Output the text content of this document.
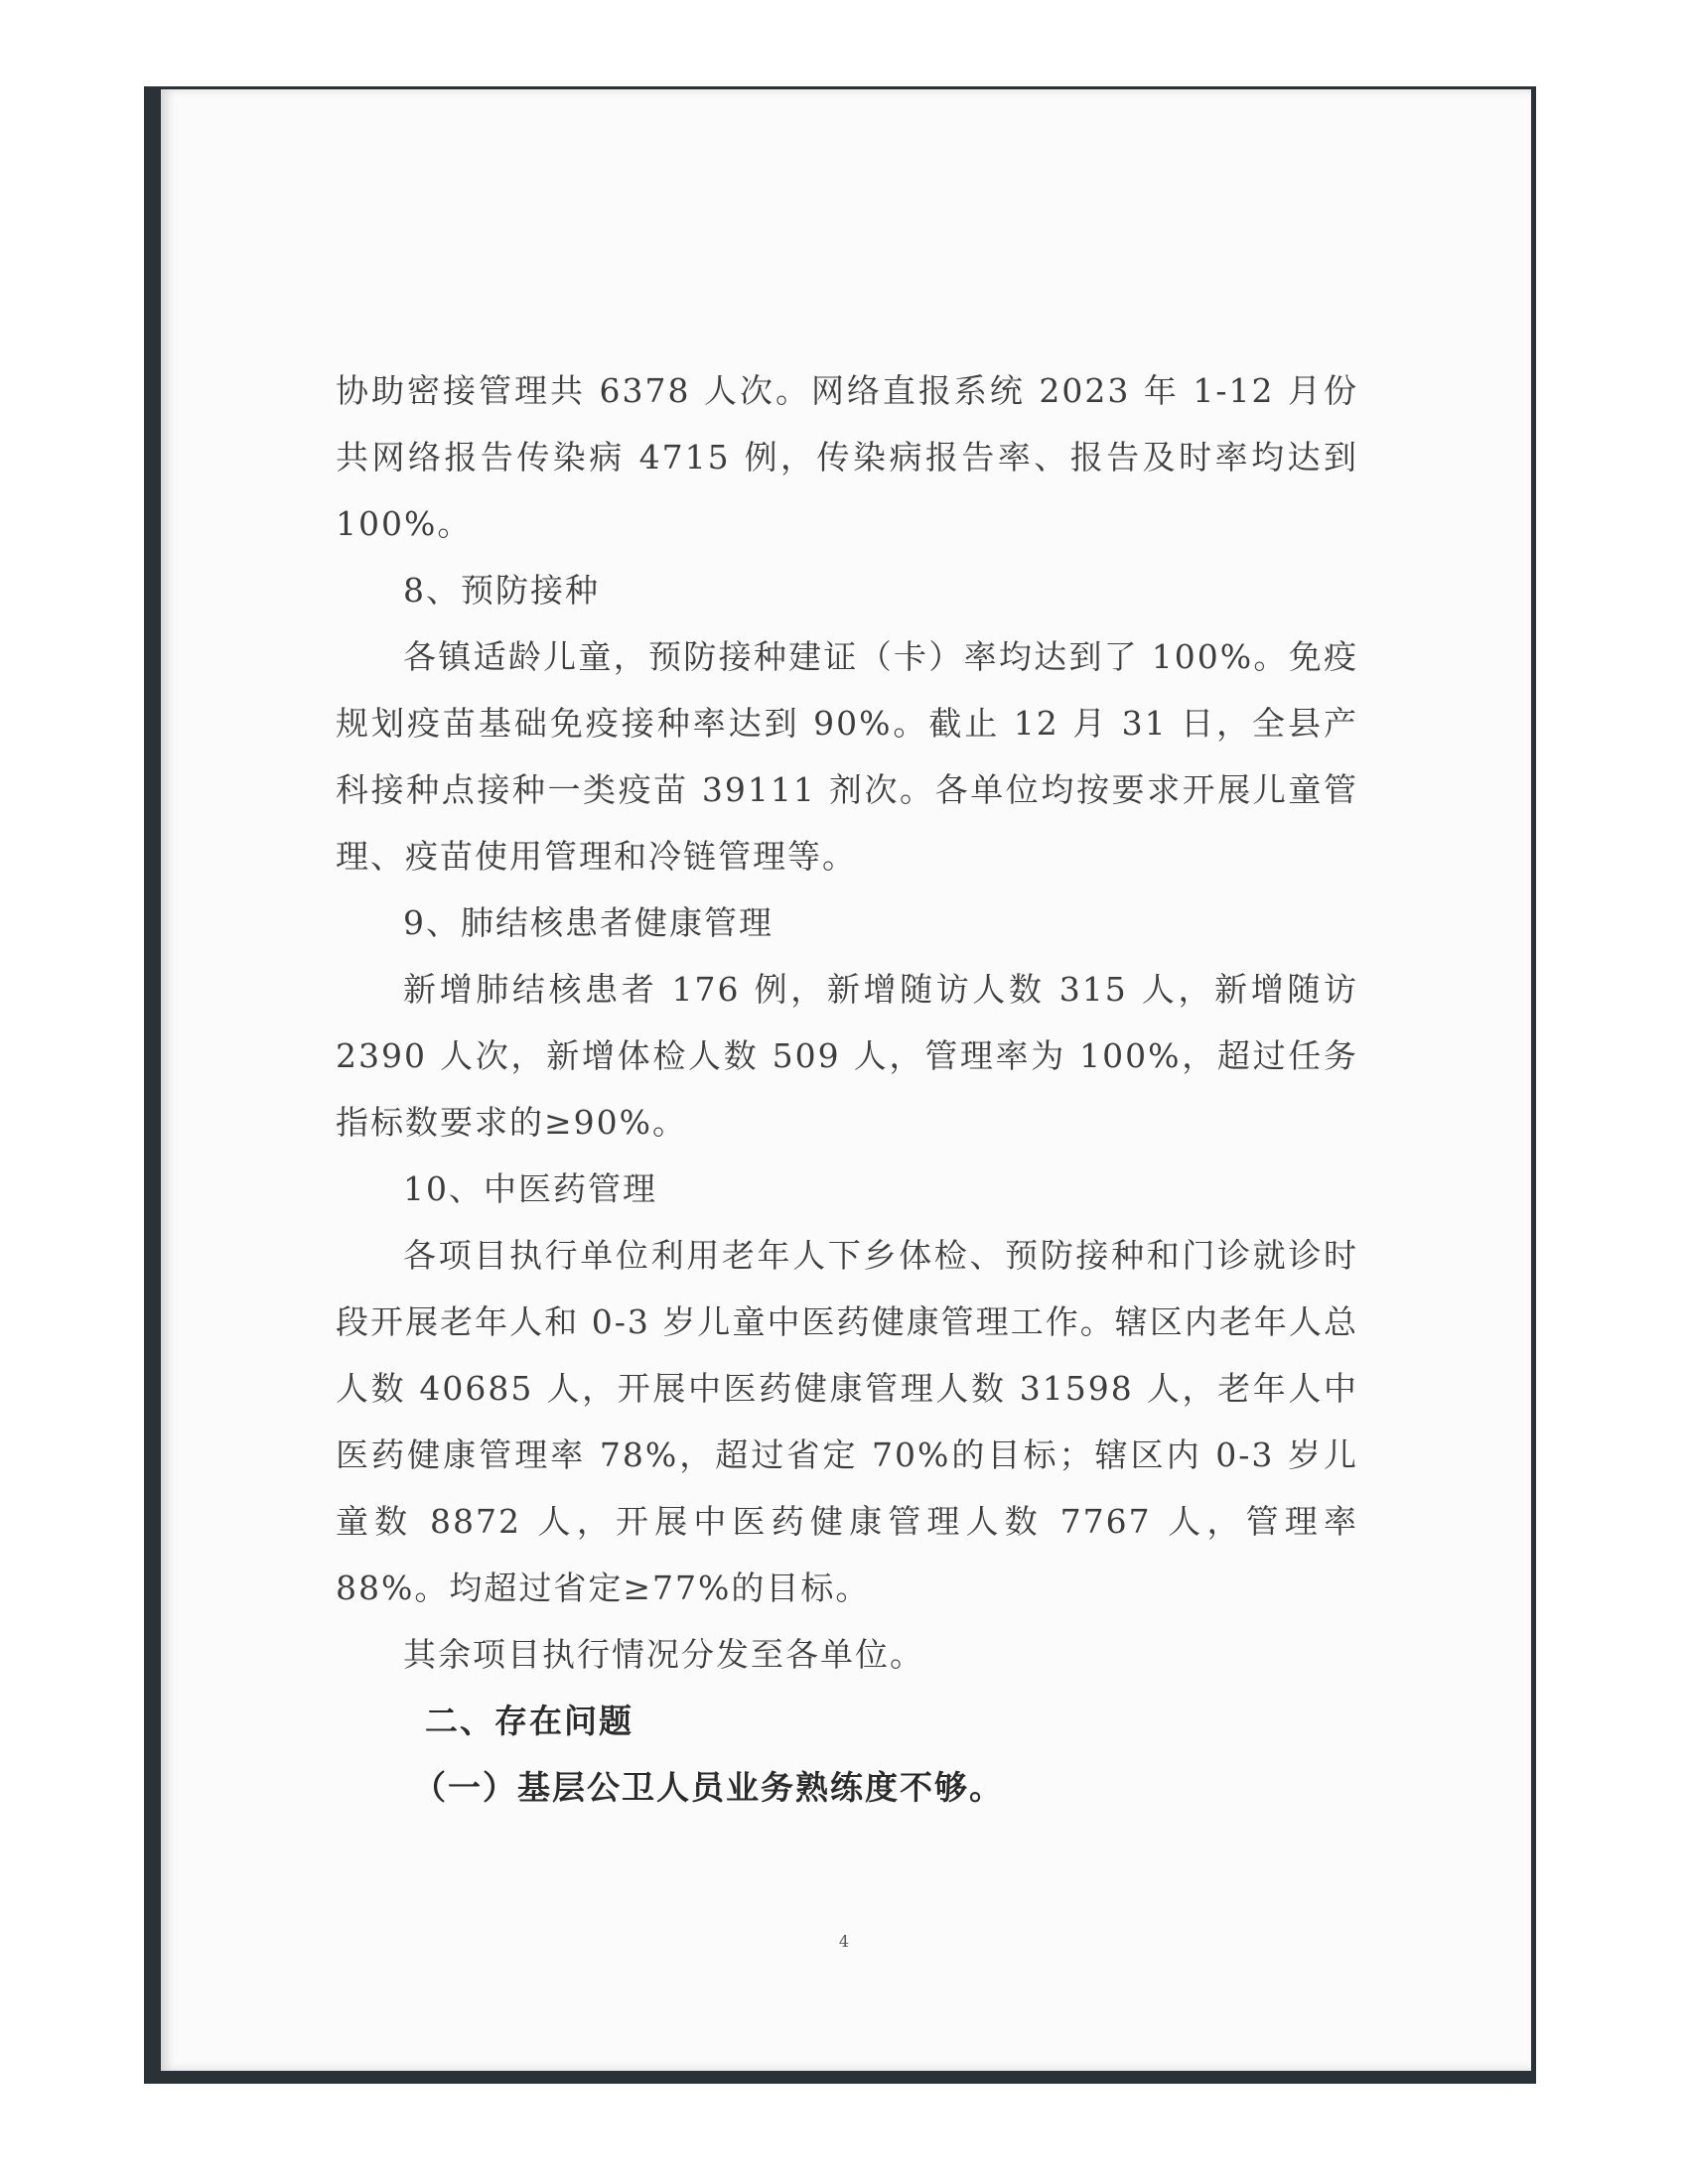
协助密接管理共 6378 人次。网络直报系统 2023 年 1-12 月份共网络报告传染病 4715 例，传染病报告率、报告及时率均达到 100%。

8、预防接种

各镇适龄儿童，预防接种建证（卡）率均达到了 100%。免疫规划疫苗基础免疫接种率达到 90%。截止 12 月 31 日，全县产科接种点接种一类疫苗 39111 剂次。各单位均按要求开展儿童管理、疫苗使用管理和冷链管理等。

9、肺结核患者健康管理

新增肺结核患者 176 例，新增随访人数 315 人，新增随访 2390 人次，新增体检人数 509 人，管理率为 100%，超过任务指标数要求的≥90%。

10、中医药管理

各项目执行单位利用老年人下乡体检、预防接种和门诊就诊时段开展老年人和 0-3 岁儿童中医药健康管理工作。辖区内老年人总人数 40685 人，开展中医药健康管理人数 31598 人，老年人中医药健康管理率 78%，超过省定 70%的目标；辖区内 0-3 岁儿童数 8872 人，开展中医药健康管理人数 7767 人，管理率 88%。均超过省定≥77%的目标。

其余项目执行情况分发至各单位。

二、存在问题

（一）基层公卫人员业务熟练度不够。

4
